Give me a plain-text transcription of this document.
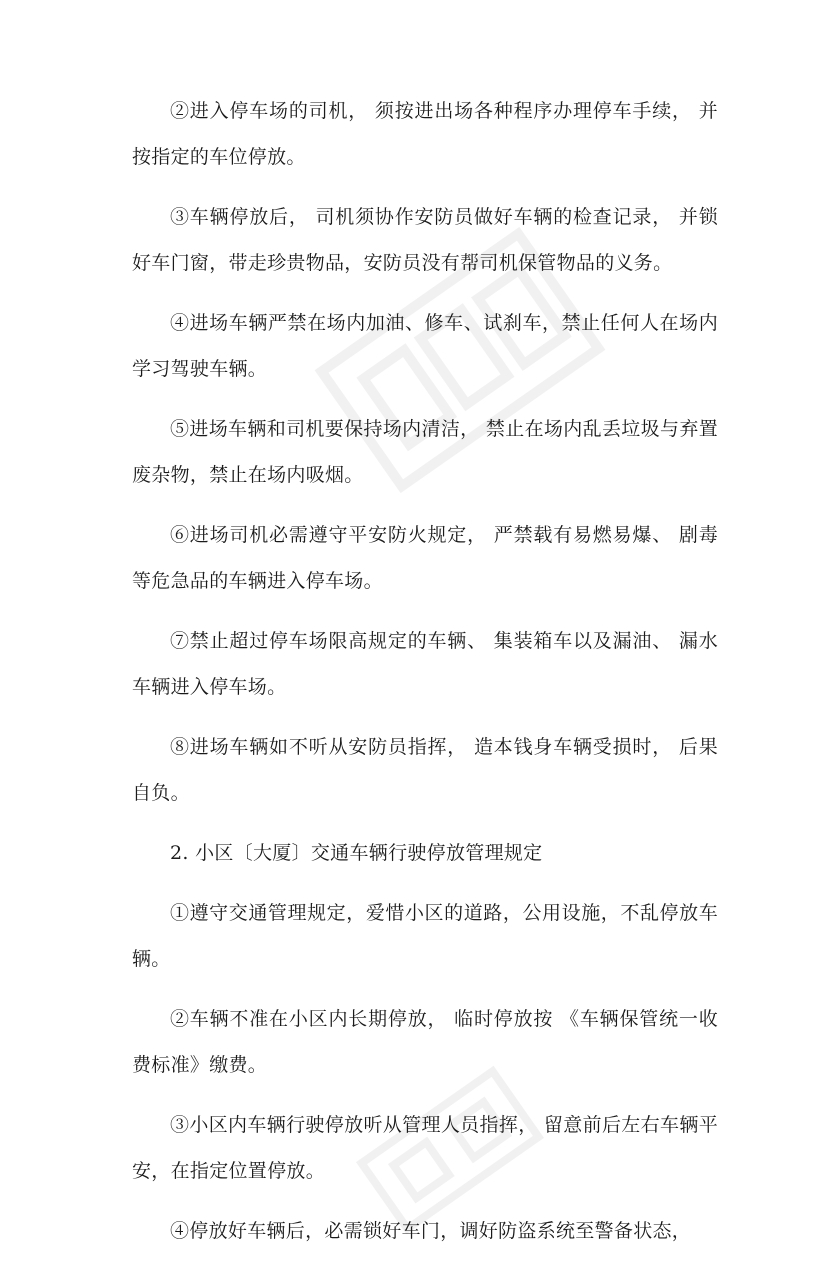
②进入停车场的司机， 须按进出场各种程序办理停车手续， 并按指定的车位停放。

③车辆停放后， 司机须协作安防员做好车辆的检查记录， 并锁好车门窗，带走珍贵物品，安防员没有帮司机保管物品的义务。

④进场车辆严禁在场内加油、修车、试刹车，禁止任何人在场内学习驾驶车辆。

⑤进场车辆和司机要保持场内清洁， 禁止在场内乱丢垃圾与弃置废杂物，禁止在场内吸烟。

⑥进场司机必需遵守平安防火规定， 严禁载有易燃易爆、 剧毒等危急品的车辆进入停车场。

⑦禁止超过停车场限高规定的车辆、 集装箱车以及漏油、 漏水车辆进入停车场。

⑧进场车辆如不听从安防员指挥， 造本钱身车辆受损时， 后果自负。

2. 小区〔大厦〕交通车辆行驶停放管理规定

①遵守交通管理规定，爱惜小区的道路，公用设施，不乱停放车辆。

②车辆不准在小区内长期停放， 临时停放按 《车辆保管统一收费标准》缴费。

③小区内车辆行驶停放听从管理人员指挥， 留意前后左右车辆平安，在指定位置停放。

④停放好车辆后，必需锁好车门，调好防盗系统至警备状态，
